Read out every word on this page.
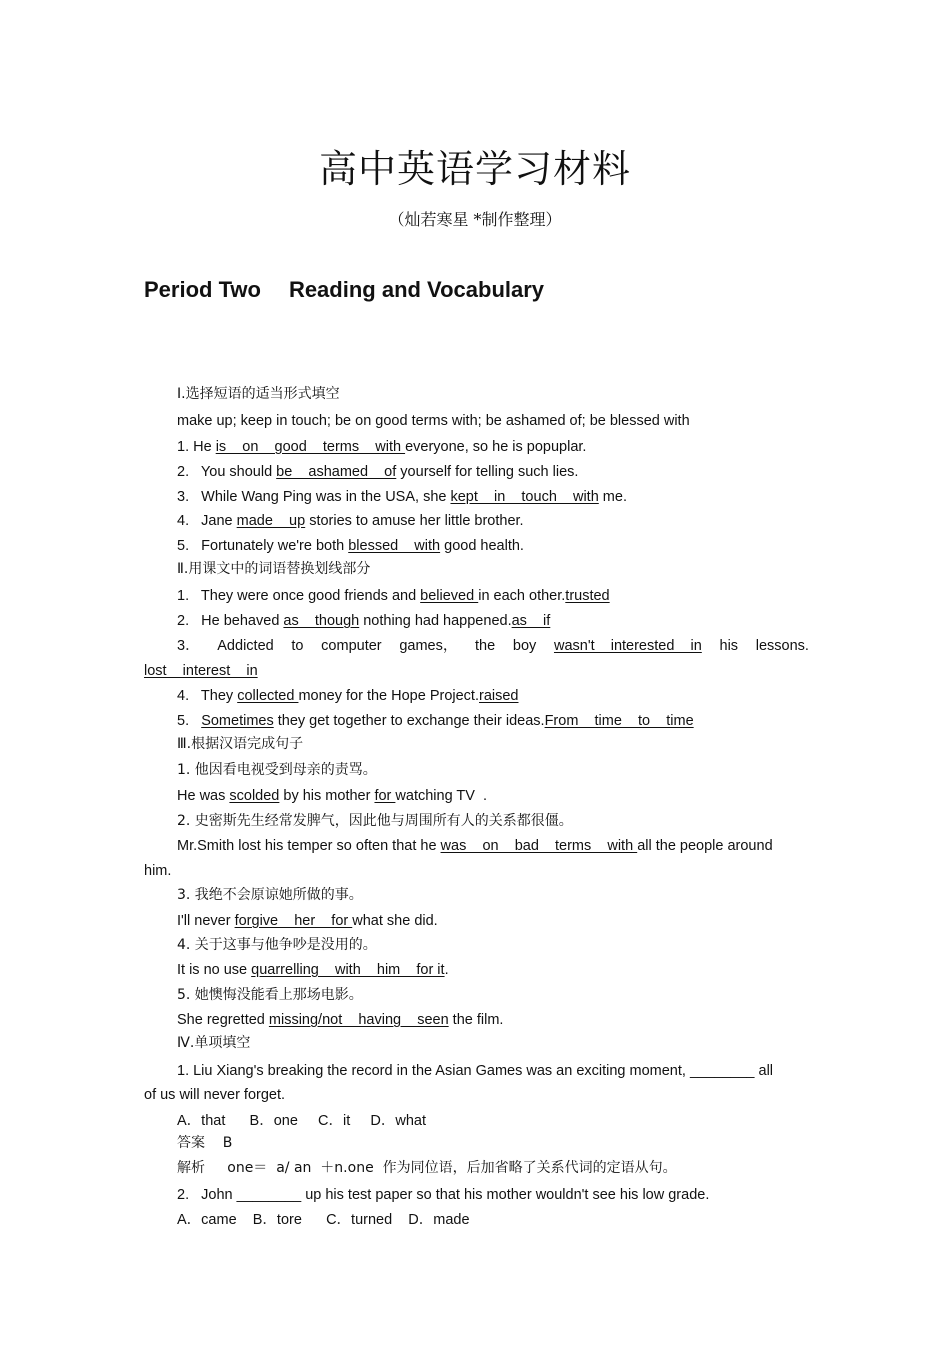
高中英语学习材料
（灿若寒星 *制作整理）
Period Two Reading and Vocabulary
Ⅰ.选择短语的适当形式填空
make up; keep in touch; be on good terms with; be ashamed of; be blessed with
1. He is    on    good    terms    with everyone, so he is popuplar.
2.   You should be    ashamed    of yourself for telling such lies.
3.   While Wang Ping was in the USA, she kept    in    touch    with me.
4.   Jane made    up stories to amuse her little brother.
5.   Fortunately we're both blessed    with good health.
Ⅱ.用课文中的词语替换划线部分
1.   They were once good friends and believed in each other.trusted
2.   He behaved as    though nothing had happened.as    if
3． Addicted to computer games， the boy wasn't    interested    in his lessons.
lost    interest    in
4.   They collected money for the Hope Project.raised
5.   Sometimes they get together to exchange their ideas.From    time    to    time
Ⅲ.根据汉语完成句子
1. 他因看电视受到母亲的责骂。
He was scolded by his mother for watching TV  .
2. 史密斯先生经常发脾气，因此他与周围所有人的关系都很僵。
Mr.Smith lost his temper so often that he was    on    bad    terms    with all the people around
him.
3. 我绝不会原谅她所做的事。
I'll never forgive    her    for what she did.
4. 关于这事与他争吵是没用的。
It is no use quarrelling    with    him    for it.
5. 她懊悔没能看上那场电影。
She regretted missing/not    having    seen the film.
Ⅳ.单项填空
1. Liu Xiang's breaking the record in the Asian Games was an exciting moment, ________ all
of us will never forget.
A．that      B．one     C．it     D．what
答案    B
解析     one＝  a/ an  ＋n.one  作为同位语，后加省略了关系代词的定语从句。
2.   John ________ up his test paper so that his mother wouldn't see his low grade.
A．came    B．tore      C．turned    D．made
